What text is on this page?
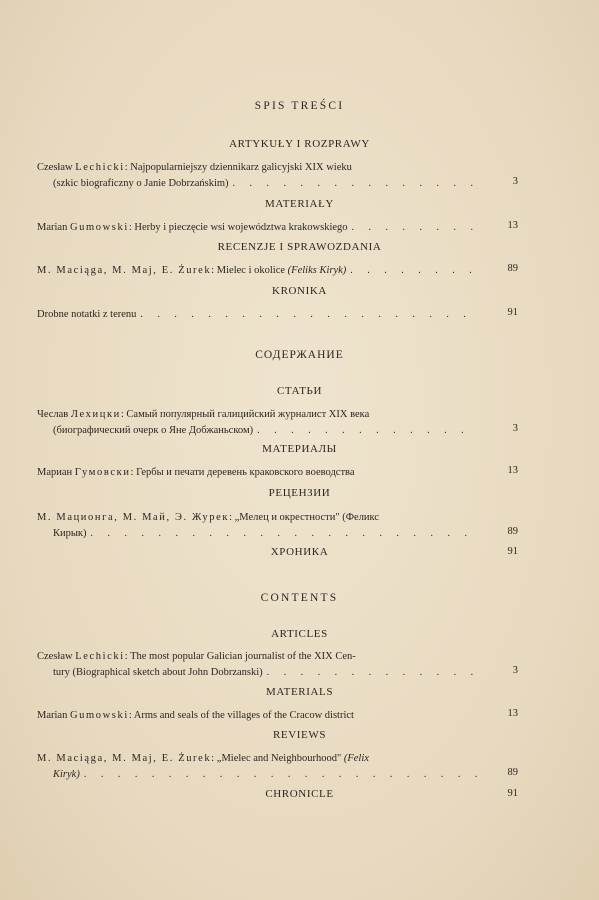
SPIS TREŚCI
ARTYKUŁY I ROZPRAWY
Czesław
Lechicki : Najpopularniejszy dziennikarz galicyjski XIX wieku
(szkic biograficzny o Janie Dobrzańskim) . . .	3
MATERIAŁY
Marian
Gumowski : Herby i pieczęcie wsi województwa krakowskiego . . .	13
RECENZJE I SPRAWOZDANIA
M. Maciąga, M. Maj, E. Żurek : Mielec i okolice
(Feliks Kiryk) . . .	89
KRONIKA
Drobne notatki z terenu . . .	91
СОДЕРЖАНИЕ
СТАТЬИ
Чеслав
Лехицки : Самый популярный галицийский журналист XIX века
(биографический очерк о Яне Добжаньском) . . .	3
МАТЕРИАЛЫ
Мариан
Гумовски : Гербы и печати деревень краковского воеводства	13
РЕЦЕНЗИИ
М. Мациoнга, М. Май, Э. Журек : „Мелец и окрестности" (Феликс
Кирык) . . .	89
ХРОНИКА	91
CONTENTS
ARTICLES
Czesław
Lechicki : The most popular Galician journalist of the XIX Cen-
tury (Biographical sketch about John Dobrzanski) . . .	3
MATERIALS
Marian
Gumowski : Arms and seals of the villages of the Cracow district	13
REVIEWS
M. Maciąga, M. Maj, E. Żurek : „Mielec and Neighbourhood"
(Felix
Kiryk) . . .	89
CHRONICLE	91
